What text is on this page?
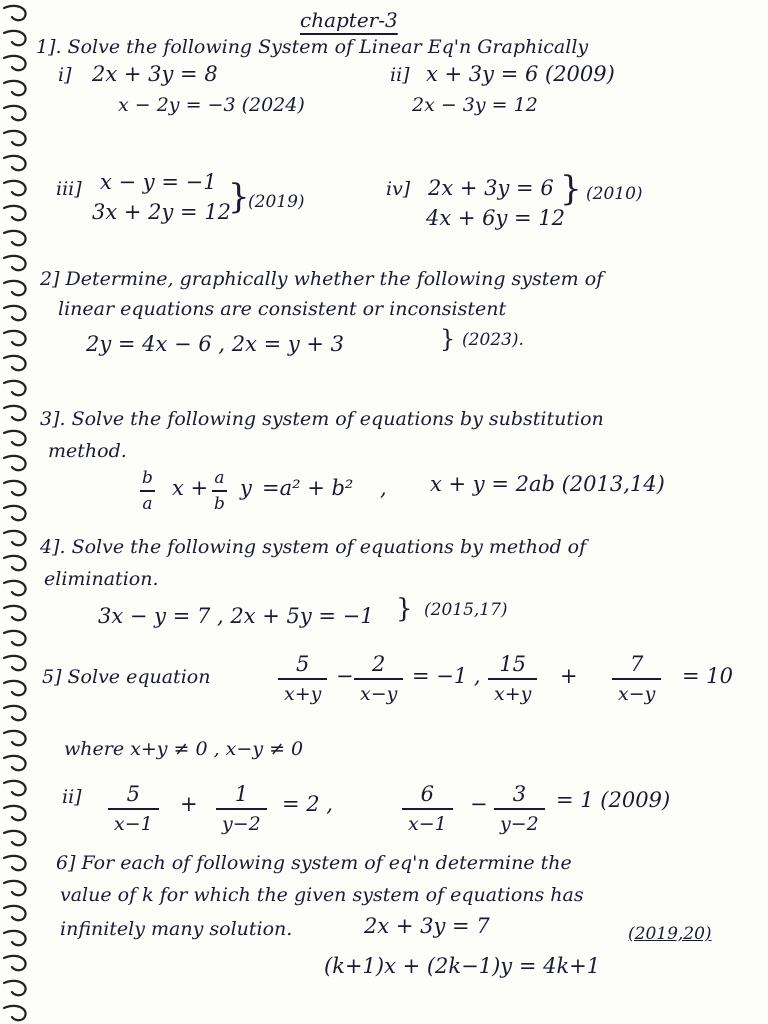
chapter-3
1]. Solve the following System of Linear Eq'n Graphically
i] 2x + 3y = 8
x − 2y = −3 (2024)
ii] x + 3y = 6 (2009)
2x − 3y = 12
iii] x − y = −1
3x + 2y = 12
}
(2019)
iv] 2x + 3y = 6
4x + 6y = 12
} (2010)
2] Determine, graphically whether the following system of
linear equations are consistent or inconsistent
2y = 4x − 6 , 2x = y + 3	} (2023).
3]. Solve the following system of equations by substitution
method.
$\frac{b}{a}$ $x + \frac{a}{b}$ y =a² + b² , x + y = 2ab (2013,14)
4]. Solve the following system of equations by method of
elimination.
3x − y = 7 , 2x + 5y = −1 } (2015,17)
5] Solve equation	$\frac{5}{x+y} - \frac{2}{x-y} = -1$ , $\frac{15}{x+y} + \frac{7}{x-y} = 10$
where x+y ≠ 0 , x−y ≠ 0
$ii] \frac{5}{x-1} + \frac{1}{y-2} = 2$ ,	$\frac{6}{x-1} - \frac{3}{y-2} = 1$ (2009)
6] For each of following system of eq'n determine the
value of k for which the given system of equations has
infinitely many solution.	2x + 3y = 7	(2019,20)
(k+1)x + (2k−1)y = 4k+1
